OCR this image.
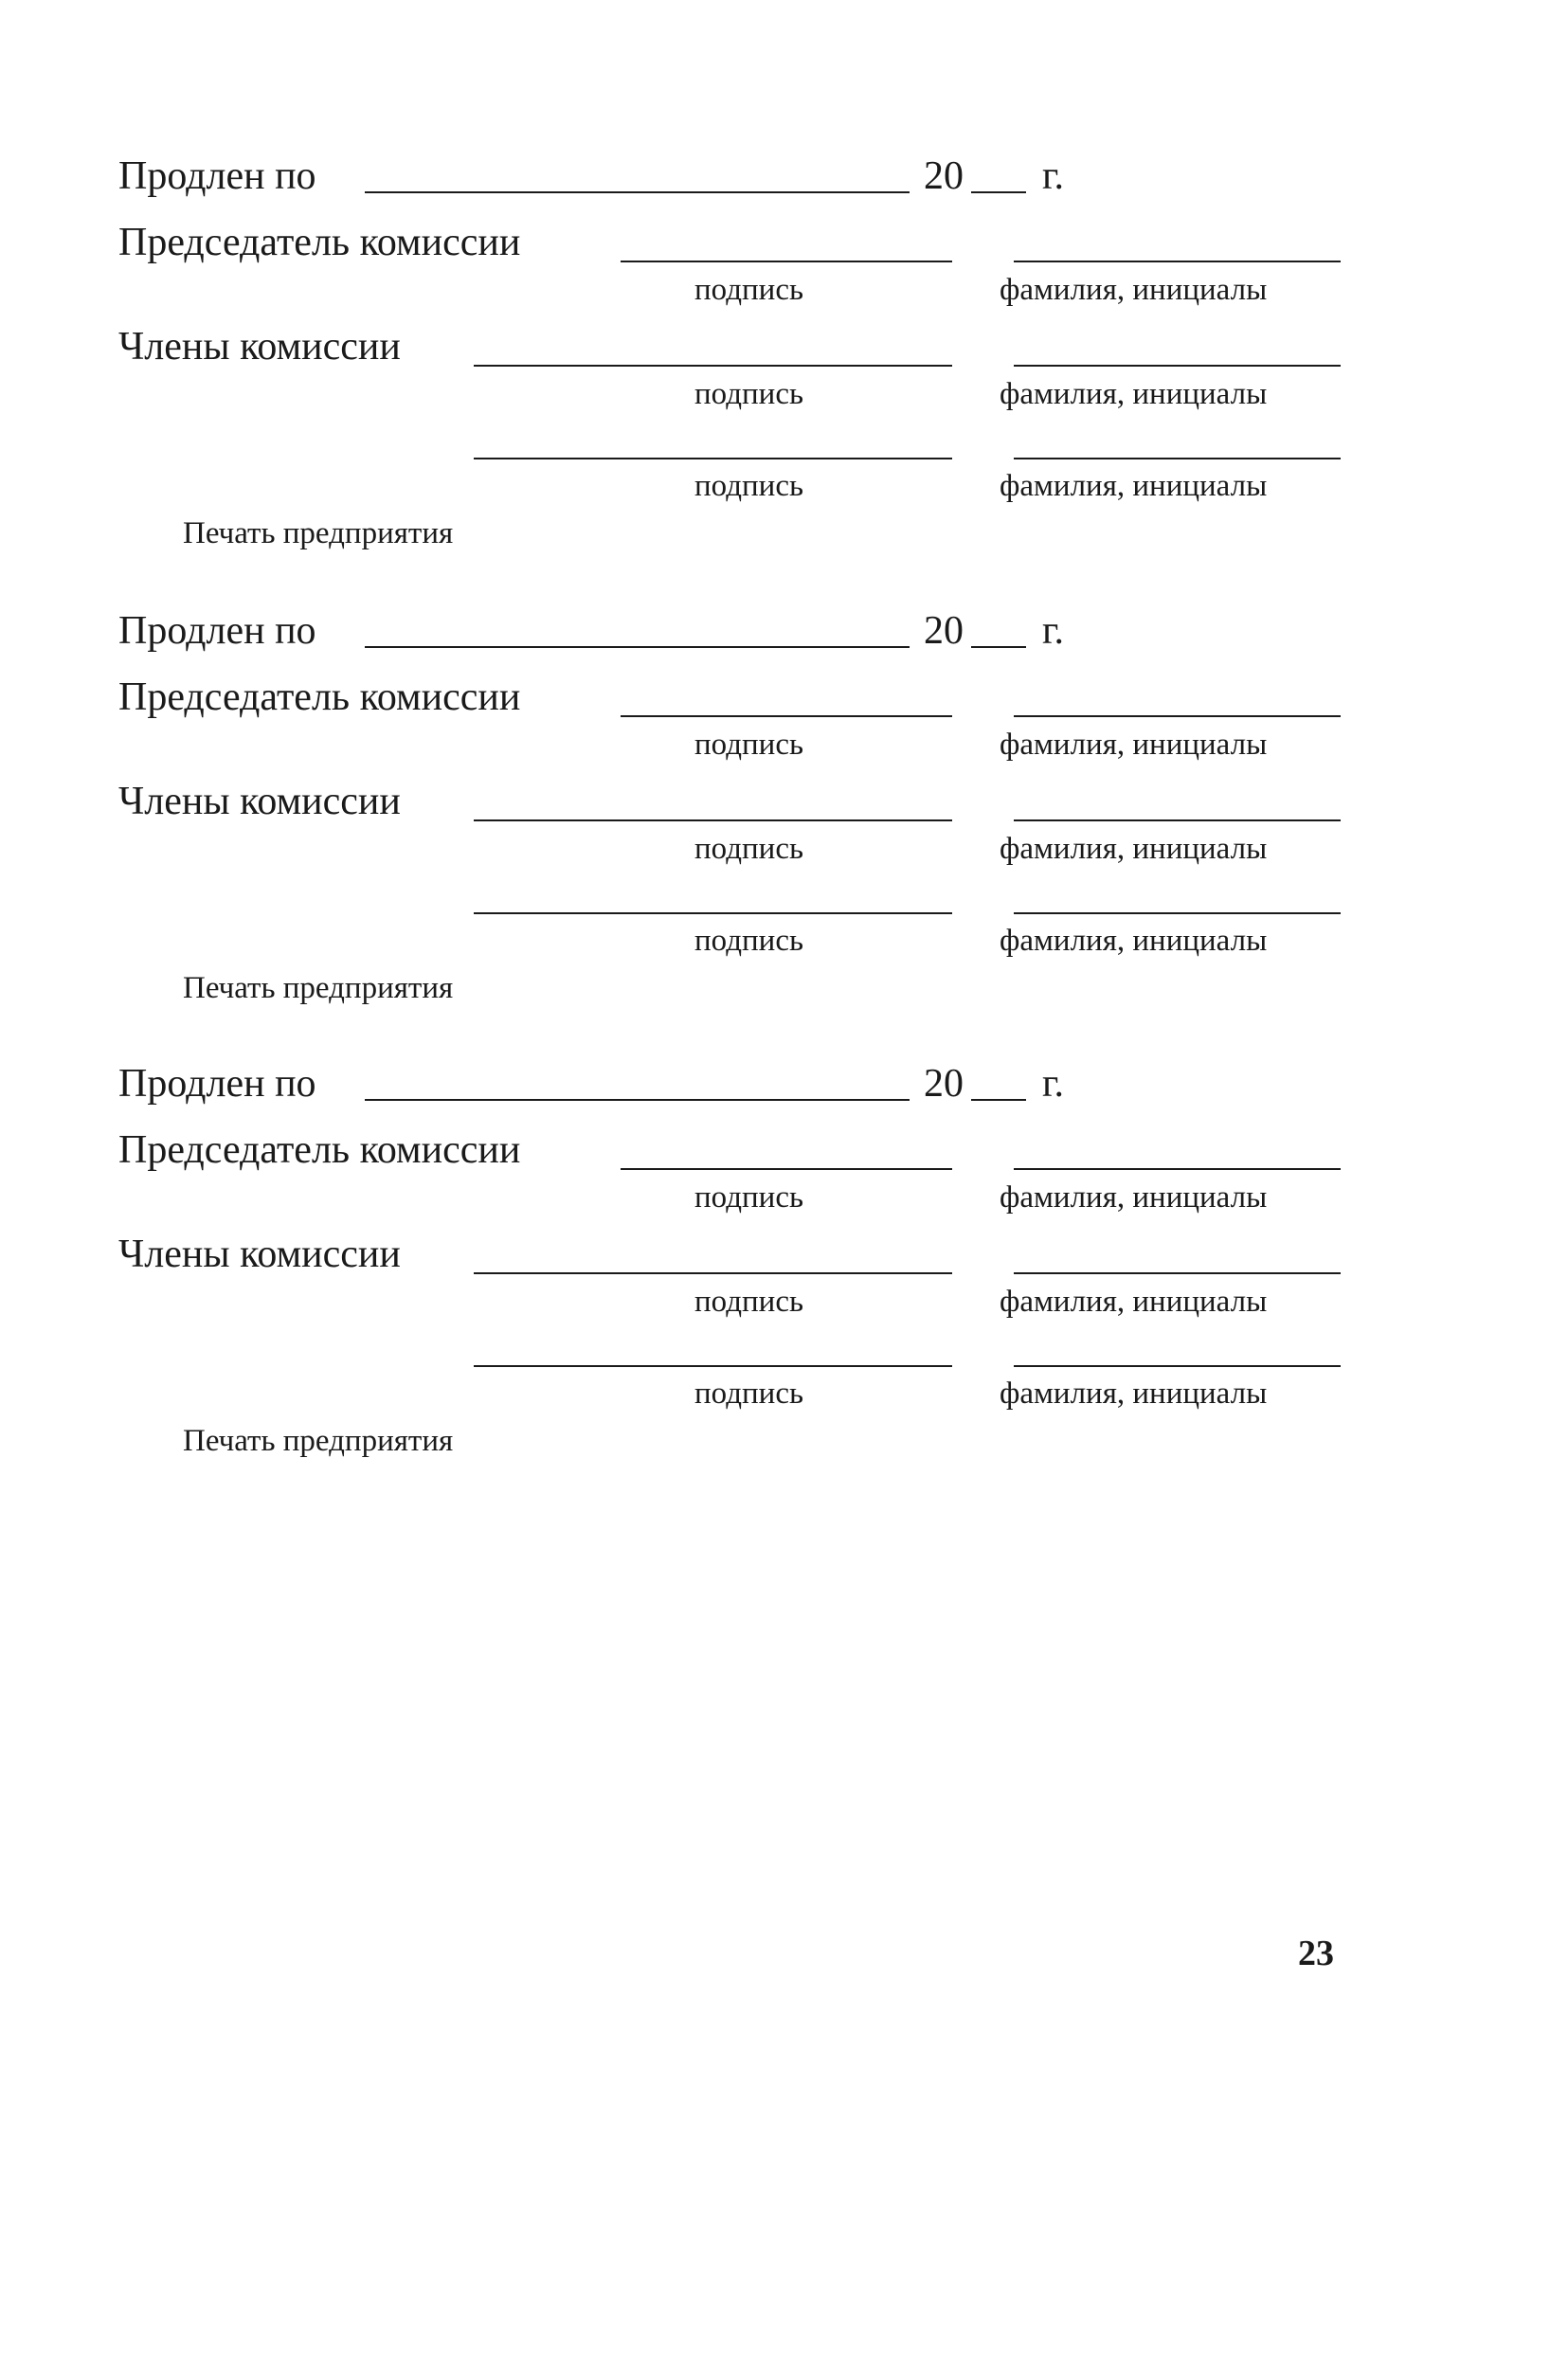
Продлен по	20 г.
Председатель комиссии
подпись	фамилия, инициалы
Члены комиссии
подпись	фамилия, инициалы
подпись	фамилия, инициалы
Печать предприятия
Продлен по	20 г.
Председатель комиссии
подпись	фамилия, инициалы
Члены комиссии
подпись	фамилия, инициалы
подпись	фамилия, инициалы
Печать предприятия
Продлен по	20 г.
Председатель комиссии
подпись	фамилия, инициалы
Члены комиссии
подпись	фамилия, инициалы
подпись	фамилия, инициалы
Печать предприятия
23
